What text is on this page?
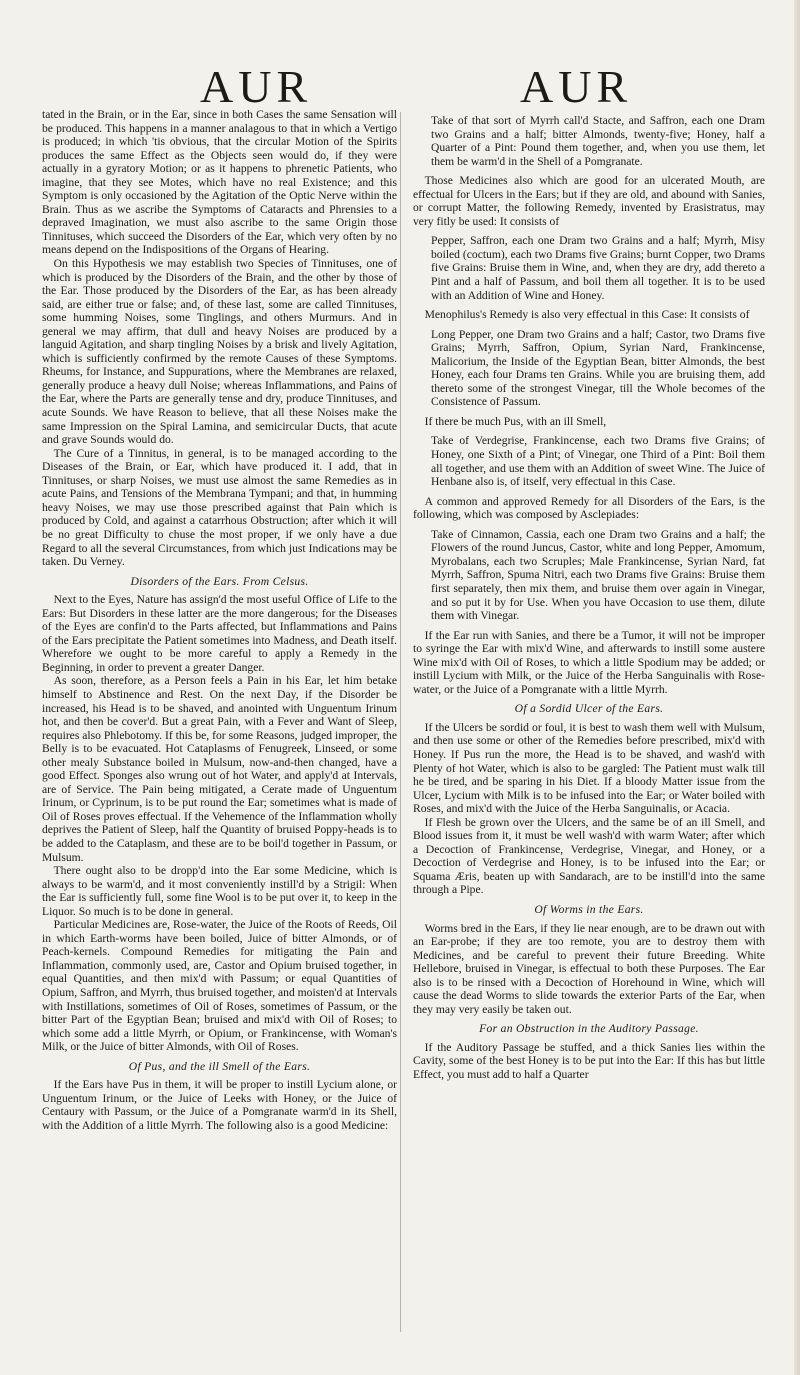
AUR	AUR

tated in the Brain, or in the Ear, since in both Cases the same Sensation will be produced. This happens in a manner analagous to that in which a Vertigo is produced; in which 'tis obvious, that the circular Motion of the Spirits produces the same Effect as the Objects seen would do, if they were actually in a gyratory Motion; or as it happens to phrenetic Patients, who imagine, that they see Motes, which have no real Existence; and this Symptom is only occasioned by the Agitation of the Optic Nerve within the Brain. Thus as we ascribe the Symptoms of Cataracts and Phrensies to a depraved Imagination, we must also ascribe to the same Origin those Tinnituses, which succeed the Disorders of the Ear, which very often by no means depend on the Indispositions of the Organs of Hearing.

On this Hypothesis we may establish two Species of Tinnituses, one of which is produced by the Disorders of the Brain, and the other by those of the Ear. Those produced by the Disorders of the Ear, as has been already said, are either true or false; and, of these last, some are called Tinnituses, some humming Noises, some Tinglings, and others Murmurs. And in general we may affirm, that dull and heavy Noises are produced by a languid Agitation, and sharp tingling Noises by a brisk and lively Agitation, which is sufficiently confirmed by the remote Causes of these Symptoms. Rheums, for Instance, and Suppurations, where the Membranes are relaxed, generally produce a heavy dull Noise; whereas Inflammations, and Pains of the Ear, where the Parts are generally tense and dry, produce Tinnituses, and acute Sounds. We have Reason to believe, that all these Noises make the same Impression on the Spiral Lamina, and semicircular Ducts, that acute and grave Sounds would do.

The Cure of a Tinnitus, in general, is to be managed according to the Diseases of the Brain, or Ear, which have produced it. I add, that in Tinnituses, or sharp Noises, we must use almost the same Remedies as in acute Pains, and Tensions of the Membrana Tympani; and that, in humming heavy Noises, we may use those prescribed against that Pain which is produced by Cold, and against a catarrhous Obstruction; after which it will be no great Difficulty to chuse the most proper, if we only have a due Regard to all the several Circumstances, from which just Indications may be taken. Du Verney.

Disorders of the Ears. From Celsus.

Next to the Eyes, Nature has assign'd the most useful Office of Life to the Ears: But Disorders in these latter are the more dangerous; for the Diseases of the Eyes are confin'd to the Parts affected, but Inflammations and Pains of the Ears precipitate the Patient sometimes into Madness, and Death itself. Wherefore we ought to be more careful to apply a Remedy in the Beginning, in order to prevent a greater Danger.

As soon, therefore, as a Person feels a Pain in his Ear, let him betake himself to Abstinence and Rest. On the next Day, if the Disorder be increased, his Head is to be shaved, and anointed with Unguentum Irinum hot, and then be cover'd. But a great Pain, with a Fever and Want of Sleep, requires also Phlebotomy. If this be, for some Reasons, judged improper, the Belly is to be evacuated. Hot Cataplasms of Fenugreek, Linseed, or some other mealy Substance boiled in Mulsum, now-and-then changed, have a good Effect. Sponges also wrung out of hot Water, and apply'd at Intervals, are of Service. The Pain being mitigated, a Cerate made of Unguentum Irinum, or Cyprinum, is to be put round the Ear; sometimes what is made of Oil of Roses proves effectual. If the Vehemence of the Inflammation wholly deprives the Patient of Sleep, half the Quantity of bruised Poppy-heads is to be added to the Cataplasm, and these are to be boil'd together in Passum, or Mulsum.

There ought also to be dropp'd into the Ear some Medicine, which is always to be warm'd, and it most conveniently instill'd by a Strigil: When the Ear is sufficiently full, some fine Wool is to be put over it, to keep in the Liquor. So much is to be done in general.

Particular Medicines are, Rose-water, the Juice of the Roots of Reeds, Oil in which Earth-worms have been boiled, Juice of bitter Almonds, or of Peach-kernels. Compound Remedies for mitigating the Pain and Inflammation, commonly used, are, Castor and Opium bruised together, in equal Quantities, and then mix'd with Passum; or equal Quantities of Opium, Saffron, and Myrrh, thus bruised together, and moisten'd at Intervals with Instillations, sometimes of Oil of Roses, sometimes of Passum, or the bitter Part of the Egyptian Bean; bruised and mix'd with Oil of Roses; to which some add a little Myrrh, or Opium, or Frankincense, with Woman's Milk, or the Juice of bitter Almonds, with Oil of Roses.

Of Pus, and the ill Smell of the Ears.

If the Ears have Pus in them, it will be proper to instill Lycium alone, or Unguentum Irinum, or the Juice of Leeks with Honey, or the Juice of Centaury with Passum, or the Juice of a Pomgranate warm'd in its Shell, with the Addition of a little Myrrh. The following also is a good Medicine:

Take of that sort of Myrrh call'd Stacte, and Saffron, each one Dram two Grains and a half; bitter Almonds, twenty-five; Honey, half a Quarter of a Pint: Pound them together, and, when you use them, let them be warm'd in the Shell of a Pomgranate.

Those Medicines also which are good for an ulcerated Mouth, are effectual for Ulcers in the Ears; but if they are old, and abound with Sanies, or corrupt Matter, the following Remedy, invented by Erasistratus, may very fitly be used: It consists of

Pepper, Saffron, each one Dram two Grains and a half; Myrrh, Misy boiled (coctum), each two Drams five Grains; burnt Copper, two Drams five Grains: Bruise them in Wine, and, when they are dry, add thereto a Pint and a half of Passum, and boil them all together. It is to be used with an Addition of Wine and Honey.

Menophilus's Remedy is also very effectual in this Case: It consists of

Long Pepper, one Dram two Grains and a half; Castor, two Drams five Grains; Myrrh, Saffron, Opium, Syrian Nard, Frankincense, Malicorium, the Inside of the Egyptian Bean, bitter Almonds, the best Honey, each four Drams ten Grains. While you are bruising them, add thereto some of the strongest Vinegar, till the Whole becomes of the Consistence of Passum.

If there be much Pus, with an ill Smell,

Take of Verdegrise, Frankincense, each two Drams five Grains; of Honey, one Sixth of a Pint; of Vinegar, one Third of a Pint: Boil them all together, and use them with an Addition of sweet Wine. The Juice of Henbane also is, of itself, very effectual in this Case.

A common and approved Remedy for all Disorders of the Ears, is the following, which was composed by Asclepiades:

Take of Cinnamon, Cassia, each one Dram two Grains and a half; the Flowers of the round Juncus, Castor, white and long Pepper, Amomum, Myrobalans, each two Scruples; Male Frankincense, Syrian Nard, fat Myrrh, Saffron, Spuma Nitri, each two Drams five Grains: Bruise them first separately, then mix them, and bruise them over again in Vinegar, and so put it by for Use. When you have Occasion to use them, dilute them with Vinegar.

If the Ear run with Sanies, and there be a Tumor, it will not be improper to syringe the Ear with mix'd Wine, and afterwards to instill some austere Wine mix'd with Oil of Roses, to which a little Spodium may be added; or instill Lycium with Milk, or the Juice of the Herba Sanguinalis with Rose-water, or the Juice of a Pomgranate with a little Myrrh.

Of a Sordid Ulcer of the Ears.

If the Ulcers be sordid or foul, it is best to wash them well with Mulsum, and then use some or other of the Remedies before prescribed, mix'd with Honey. If Pus run the more, the Head is to be shaved, and wash'd with Plenty of hot Water, which is also to be gargled: The Patient must walk till he be tired, and be sparing in his Diet. If a bloody Matter issue from the Ulcer, Lycium with Milk is to be infused into the Ear; or Water boiled with Roses, and mix'd with the Juice of the Herba Sanguinalis, or Acacia.

If Flesh be grown over the Ulcers, and the same be of an ill Smell, and Blood issues from it, it must be well wash'd with warm Water; after which a Decoction of Frankincense, Verdegrise, Vinegar, and Honey, or a Decoction of Verdegrise and Honey, is to be infused into the Ear; or Squama Æris, beaten up with Sandarach, are to be instill'd into the same through a Pipe.

Of Worms in the Ears.

Worms bred in the Ears, if they lie near enough, are to be drawn out with an Ear-probe; if they are too remote, you are to destroy them with Medicines, and be careful to prevent their future Breeding. White Hellebore, bruised in Vinegar, is effectual to both these Purposes. The Ear also is to be rinsed with a Decoction of Horehound in Wine, which will cause the dead Worms to slide towards the exterior Parts of the Ear, when they may very easily be taken out.

For an Obstruction in the Auditory Passage.

If the Auditory Passage be stuffed, and a thick Sanies lies within the Cavity, some of the best Honey is to be put into the Ear: If this has but little Effect, you must add to half a Quarter
